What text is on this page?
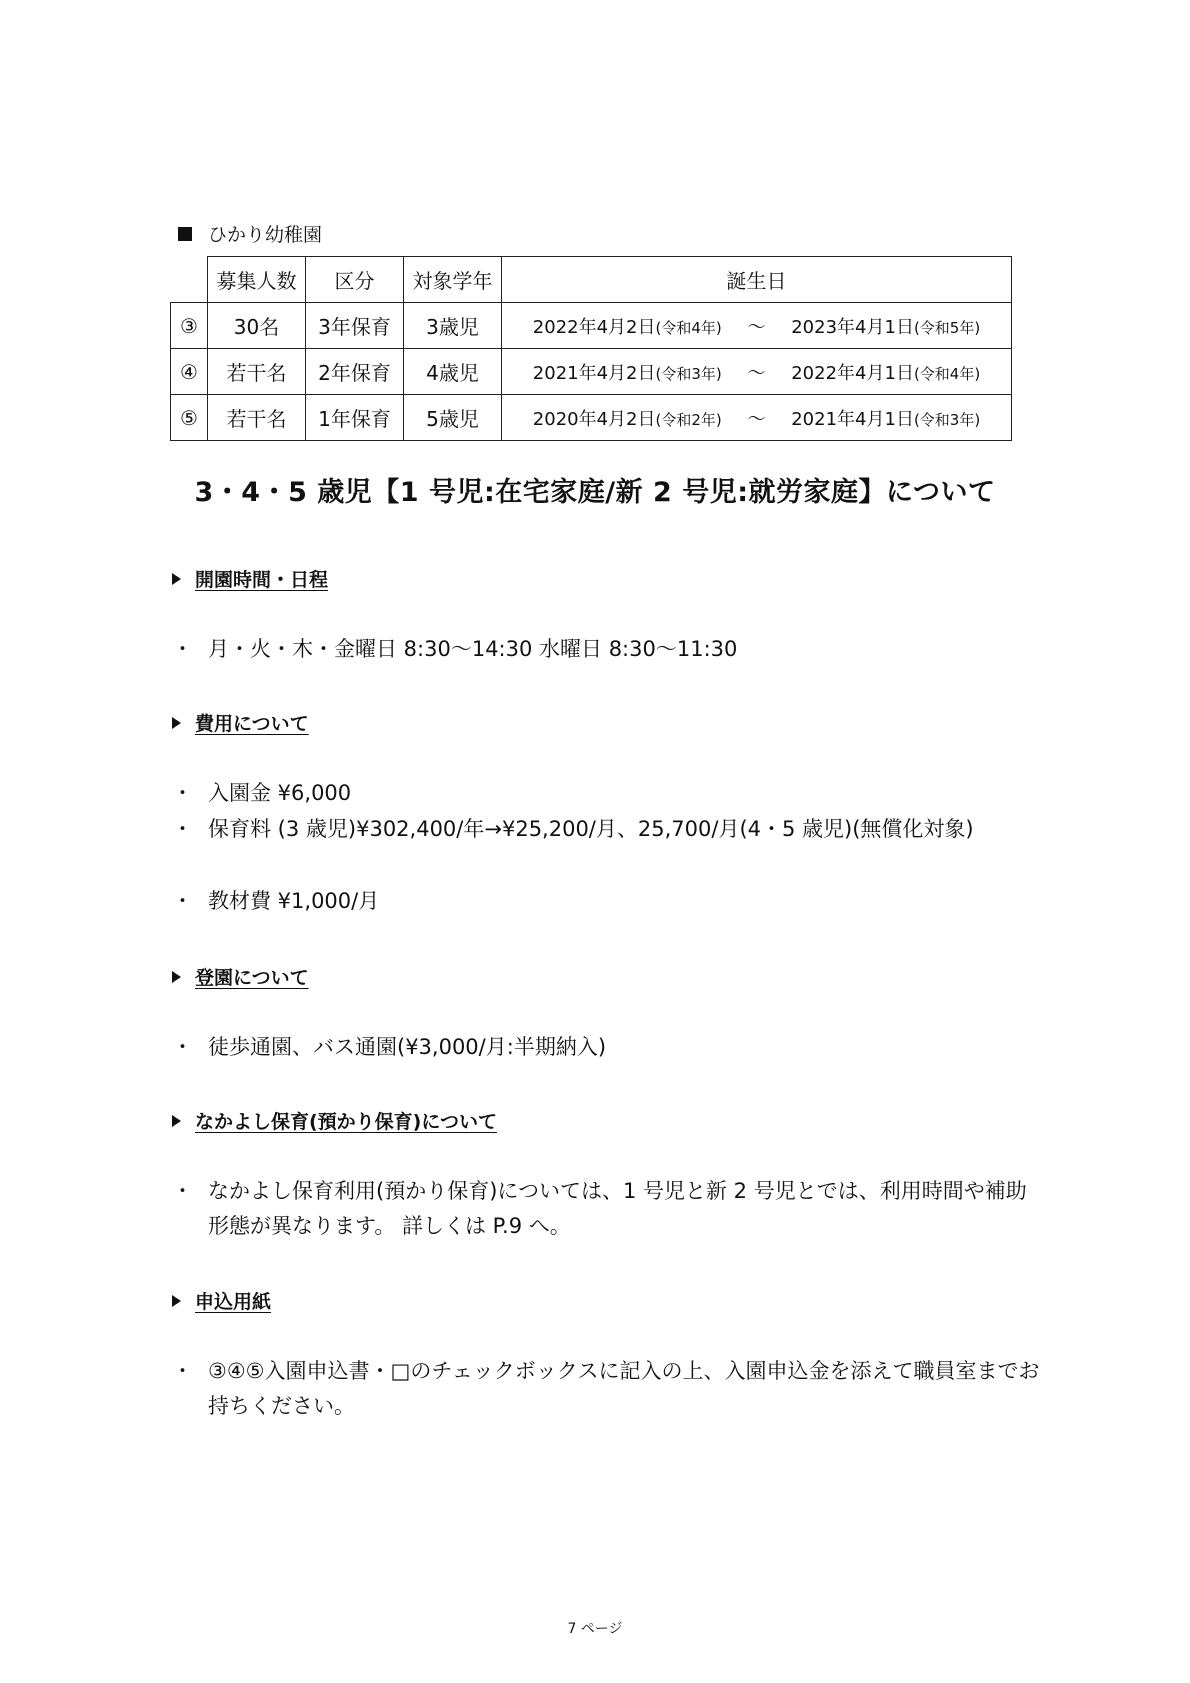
ひかり幼稚園
	募集人数	区分	対象学年	誕生日
③	30名	3年保育	3歳児	2022年4月2日(令和4年) ～ 2023年4月1日(令和5年)
④	若干名	2年保育	4歳児	2021年4月2日(令和3年) ～ 2022年4月1日(令和4年)
⑤	若干名	1年保育	5歳児	2020年4月2日(令和2年) ～ 2021年4月1日(令和3年)
3・4・5 歳児【1 号児:在宅家庭/新 2 号児:就労家庭】について
開園時間・日程
・ 月・火・木・金曜日 8:30～14:30 水曜日 8:30～11:30
費用について
・ 入園金 ¥6,000
・ 保育料 (3 歳児)¥302,400/年→¥25,200/月、25,700/月(4・5 歳児)(無償化対象)
・ 教材費 ¥1,000/月
登園について
・ 徒歩通園、バス通園(¥3,000/月:半期納入)
なかよし保育(預かり保育)について
・ なかよし保育利用(預かり保育)については、1 号児と新 2 号児とでは、利用時間や補助形態が異なります。 詳しくは P.9 へ。
申込用紙
・ ③④⑤入園申込書・□のチェックボックスに記入の上、入園申込金を添えて職員室までお持ちください。
7 ページ
